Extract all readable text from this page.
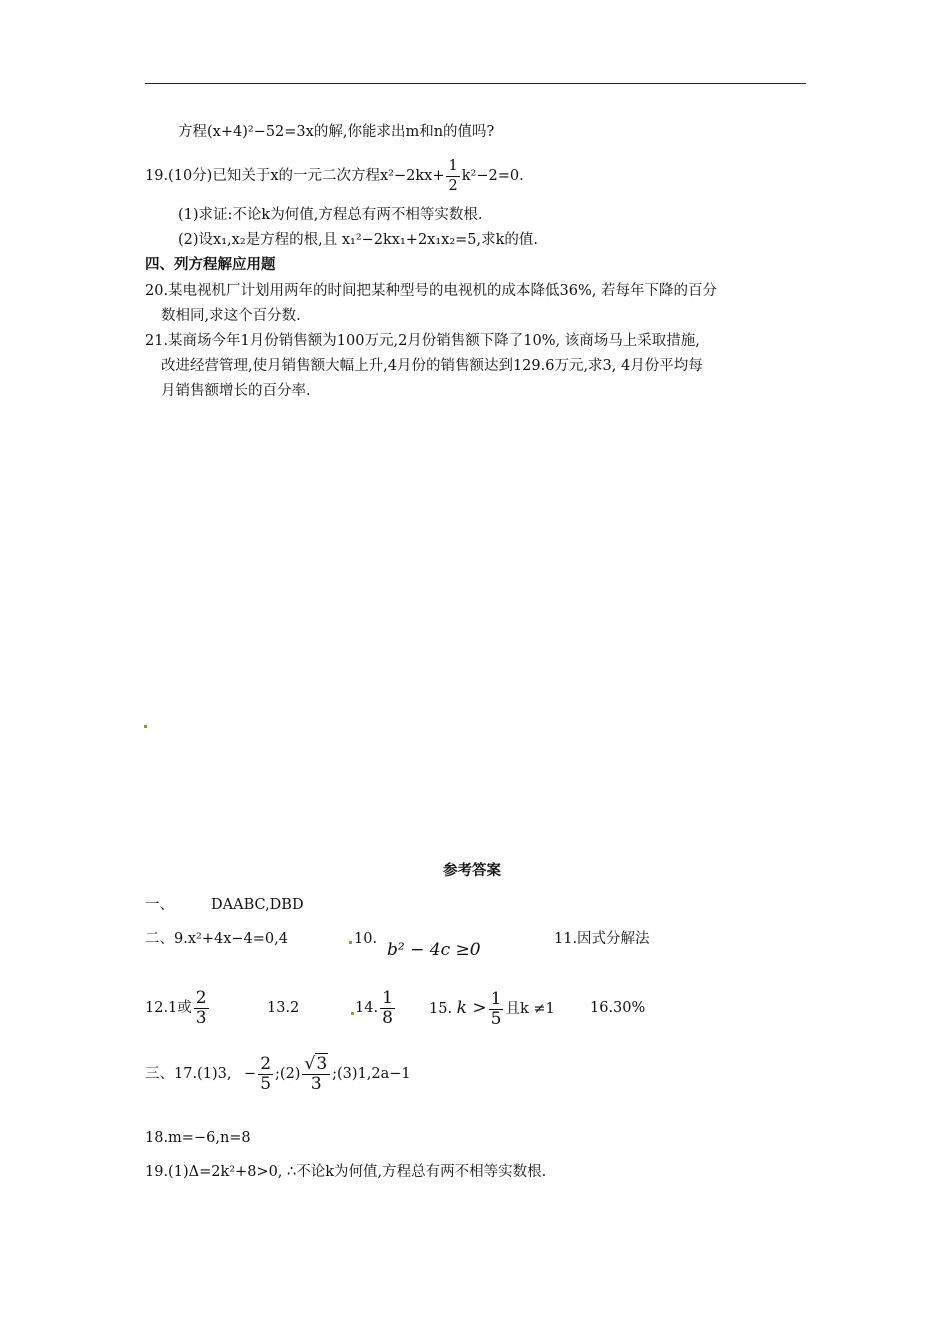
方程(x+4)²−52=3x的解,你能求出m和n的值吗?
19.(10分)已知关于x的一元二次方程$x^2-2kx+ \frac{1}{2} k^2-2=0$.
(1)求证:不论k为何值,方程总有两不相等实数根.
(2)设x₁,x₂是方程的根,且 x₁²−2kx₁+2x₁x₂=5,求k的值.
四、列方程解应用题
20.某电视机厂计划用两年的时间把某种型号的电视机的成本降低36%, 若每年下降的百分
数相同,求这个百分数.
21.某商场今年1月份销售额为100万元,2月份销售额下降了10%, 该商场马上采取措施,
改进经营管理,使月销售额大幅上升,4月份的销售额达到129.6万元,求3, 4月份平均每
月销售额增长的百分率.
参考答案
一、	DAABC,DBD
二、9.x²+4x−4=0,4	10.
b² − 4c ≥0
11.因式分解法
12.1或 $\frac{2}{3}$	13.2	14. $\frac{1}{8} 15$. $k > \frac{1}{5}$ 且k ≠1 16.30%
三、17.(1)3, − $\frac{2}{5}$ ;(2) $\frac{√3}{3}$ ;(3)1,2a−1
18.m=−6,n=8
19.(1)Δ=2k²+8>0, ∴不论k为何值,方程总有两不相等实数根.
